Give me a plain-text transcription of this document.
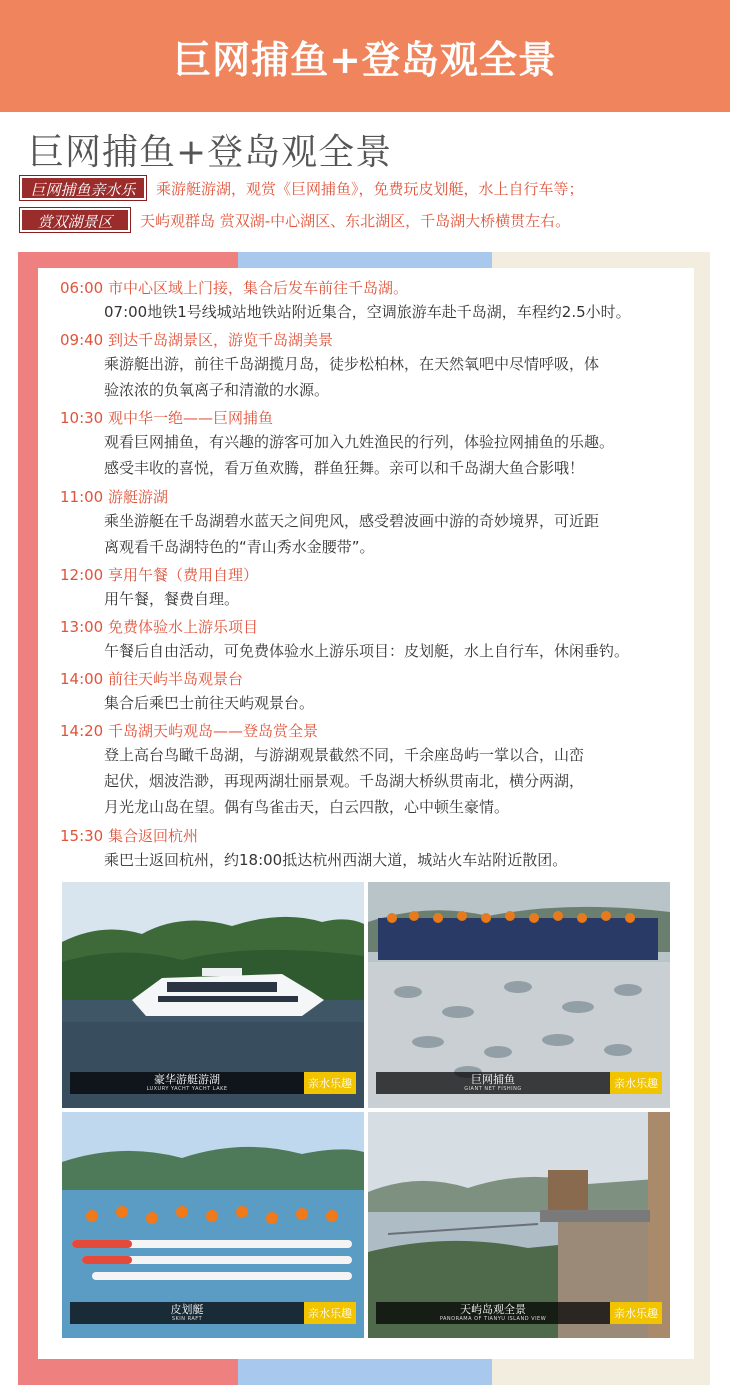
巨网捕鱼+登岛观全景
巨网捕鱼+登岛观全景
巨网捕鱼亲水乐	乘游艇游湖，观赏《巨网捕鱼》，免费玩皮划艇，水上自行车等；
赏双湖景区	天屿观群岛 赏双湖-中心湖区、东北湖区，千岛湖大桥横贯左右。
06:00 市中心区域上门接，集合后发车前往千岛湖。
07:00地铁1号线城站地铁站附近集合，空调旅游车赴千岛湖，车程约2.5小时。
09:40 到达千岛湖景区，游览千岛湖美景
乘游艇出游，前往千岛湖揽月岛，徒步松柏林，在天然氧吧中尽情呼吸，体
验浓浓的负氧离子和清澈的水源。
10:30 观中华一绝——巨网捕鱼
观看巨网捕鱼，有兴趣的游客可加入九姓渔民的行列，体验拉网捕鱼的乐趣。
感受丰收的喜悦，看万鱼欢腾，群鱼狂舞。亲可以和千岛湖大鱼合影哦！
11:00 游艇游湖
乘坐游艇在千岛湖碧水蓝天之间兜风，感受碧波画中游的奇妙境界，可近距
离观看千岛湖特色的“青山秀水金腰带”。
12:00 享用午餐（费用自理）
用午餐，餐费自理。
13:00 免费体验水上游乐项目
午餐后自由活动，可免费体验水上游乐项目：皮划艇，水上自行车，休闲垂钓。
14:00 前往天屿半岛观景台
集合后乘巴士前往天屿观景台。
14:20 千岛湖天屿观岛——登岛赏全景
登上高台鸟瞰千岛湖，与游湖观景截然不同，千余座岛屿一掌以合，山峦
起伏，烟波浩渺，再现两湖壮丽景观。千岛湖大桥纵贯南北，横分两湖，
月光龙山岛在望。偶有鸟雀击天，白云四散，心中顿生豪情。
15:30 集合返回杭州
乘巴士返回杭州，约18:00抵达杭州西湖大道，城站火车站附近散团。
豪华游艇游湖
LUXURY YACHT YACHT LAKE	亲水乐趣	巨网捕鱼
GIANT NET FISHING	亲水乐趣
皮划艇
SKIN RAFT	亲水乐趣	天屿岛观全景
PANORAMA OF TIANYU ISLAND VIEW	亲水乐趣
